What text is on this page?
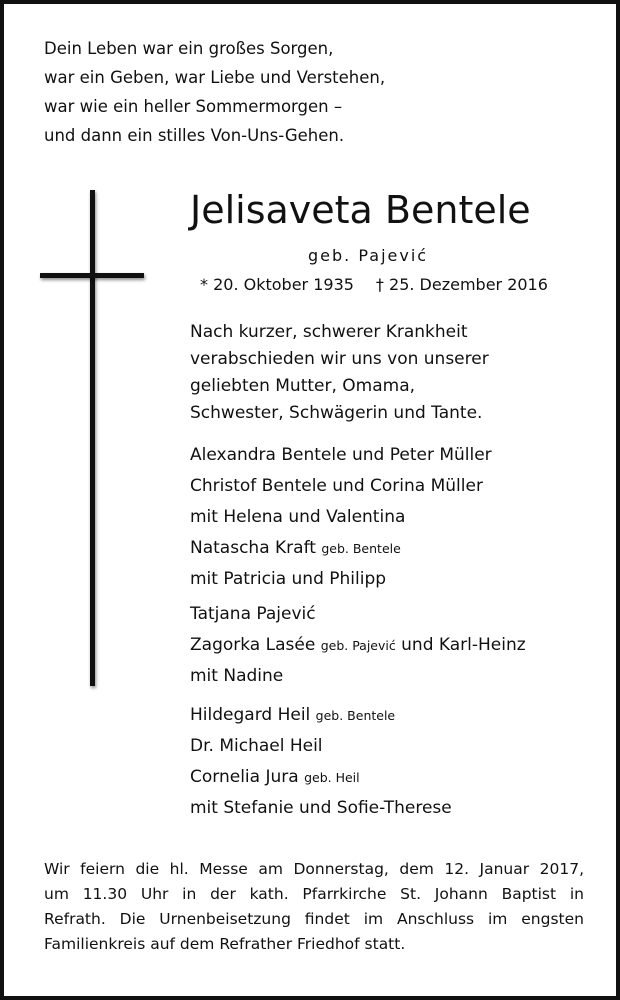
Dein Leben war ein großes Sorgen,
war ein Geben, war Liebe und Verstehen,
war wie ein heller Sommermorgen –
und dann ein stilles Von-Uns-Gehen.
Jelisaveta Bentele
geb. Pajević
* 20. Oktober 1935 † 25. Dezember 2016
Nach kurzer, schwerer Krankheit
verabschieden wir uns von unserer
geliebten Mutter, Omama,
Schwester, Schwägerin und Tante.
Alexandra Bentele und Peter Müller
Christof Bentele und Corina Müller
mit Helena und Valentina
Natascha Kraft geb. Bentele
mit Patricia und Philipp
Tatjana Pajević
Zagorka Lasée geb. Pajević und Karl-Heinz
mit Nadine
Hildegard Heil geb. Bentele
Dr. Michael Heil
Cornelia Jura geb. Heil
mit Stefanie und Sofie-Therese
Wir feiern die hl. Messe am Donnerstag, dem 12. Januar 2017,
um 11.30 Uhr in der kath. Pfarrkirche St. Johann Baptist in
Refrath. Die Urnenbeisetzung findet im Anschluss im engsten
Familienkreis auf dem Refrather Friedhof statt.
